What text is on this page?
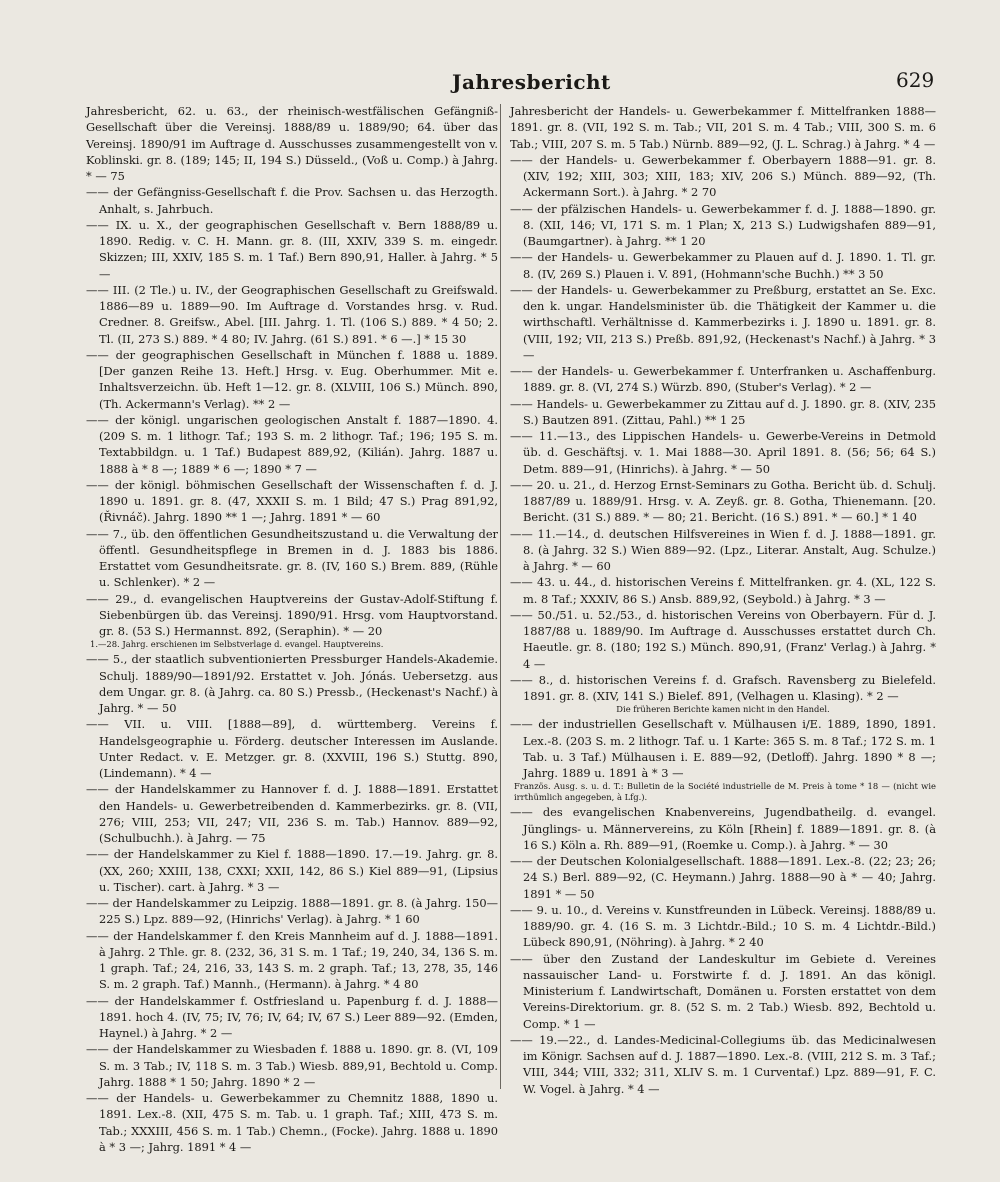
Jahresbericht	629

Jahresbericht, 62. u. 63., der rheinisch-westfälischen Gefängniß-Gesellschaft über die Vereinsj. 1888/89 u. 1889/90; 64. über das Vereinsj. 1890/91 im Auftrage d. Ausschusses zusammengestellt von v. Koblinski. gr. 8. (189; 145; II, 194 S.) Düsseld., (Voß u. Comp.) à Jahrg. * — 75

—— der Gefängniss-Gesellschaft f. die Prov. Sachsen u. das Herzogth. Anhalt, s. Jahrbuch.

—— IX. u. X., der geographischen Gesellschaft v. Bern 1888/89 u. 1890. Redig. v. C. H. Mann. gr. 8. (III, XXIV, 339 S. m. eingedr. Skizzen; III, XXIV, 185 S. m. 1 Taf.) Bern 890,91, Haller. à Jahrg. * 5 —

—— III. (2 Tle.) u. IV., der Geographischen Gesellschaft zu Greifswald. 1886—89 u. 1889—90. Im Auftrage d. Vorstandes hrsg. v. Rud. Credner. 8. Greifsw., Abel. [III. Jahrg. 1. Tl. (106 S.) 889. * 4 50; 2. Tl. (II, 273 S.) 889. * 4 80; IV. Jahrg. (61 S.) 891. * 6 —.] * 15 30

—— der geographischen Gesellschaft in München f. 1888 u. 1889. [Der ganzen Reihe 13. Heft.] Hrsg. v. Eug. Oberhummer. Mit e. Inhaltsverzeichn. üb. Heft 1—12. gr. 8. (XLVIII, 106 S.) Münch. 890, (Th. Ackermann's Verlag). ** 2 —

—— der königl. ungarischen geologischen Anstalt f. 1887—1890. 4. (209 S. m. 1 lithogr. Taf.; 193 S. m. 2 lithogr. Taf.; 196; 195 S. m. Textabbildgn. u. 1 Taf.) Budapest 889,92, (Kilián). Jahrg. 1887 u. 1888 à * 8 —; 1889 * 6 —; 1890 * 7 —

—— der königl. böhmischen Gesellschaft der Wissenschaften f. d. J. 1890 u. 1891. gr. 8. (47, XXXII S. m. 1 Bild; 47 S.) Prag 891,92, (Řivnáč). Jahrg. 1890 ** 1 —; Jahrg. 1891 * — 60

—— 7., üb. den öffentlichen Gesundheitszustand u. die Verwaltung der öffentl. Gesundheitspflege in Bremen in d. J. 1883 bis 1886. Erstattet vom Gesundheitsrate. gr. 8. (IV, 160 S.) Brem. 889, (Rühle u. Schlenker). * 2 —

—— 29., d. evangelischen Hauptvereins der Gustav-Adolf-Stiftung f. Siebenbürgen üb. das Vereinsj. 1890/91. Hrsg. vom Hauptvorstand. gr. 8. (53 S.) Hermannst. 892, (Seraphin). * — 20

1.—28. Jahrg. erschienen im Selbstverlage d. evangel. Hauptvereins.

—— 5., der staatlich subventionierten Pressburger Handels-Akademie. Schulj. 1889/90—1891/92. Erstattet v. Joh. Jónás. Uebersetzg. aus dem Ungar. gr. 8. (à Jahrg. ca. 80 S.) Pressb., (Heckenast's Nachf.) à Jahrg. * — 50

—— VII. u. VIII. [1888—89], d. württemberg. Vereins f. Handelsgeographie u. Förderg. deutscher Interessen im Auslande. Unter Redact. v. E. Metzger. gr. 8. (XXVIII, 196 S.) Stuttg. 890, (Lindemann). * 4 —

—— der Handelskammer zu Hannover f. d. J. 1888—1891. Erstattet den Handels- u. Gewerbetreibenden d. Kammerbezirks. gr. 8. (VII, 276; VIII, 253; VII, 247; VII, 236 S. m. Tab.) Hannov. 889—92, (Schulbuchh.). à Jahrg. — 75

—— der Handelskammer zu Kiel f. 1888—1890. 17.—19. Jahrg. gr. 8. (XX, 260; XXIII, 138, CXXI; XXII, 142, 86 S.) Kiel 889—91, (Lipsius u. Tischer). cart. à Jahrg. * 3 —

—— der Handelskammer zu Leipzig. 1888—1891. gr. 8. (à Jahrg. 150—225 S.) Lpz. 889—92, (Hinrichs' Verlag). à Jahrg. * 1 60

—— der Handelskammer f. den Kreis Mannheim auf d. J. 1888—1891. à Jahrg. 2 Thle. gr. 8. (232, 36, 31 S. m. 1 Taf.; 19, 240, 34, 136 S. m. 1 graph. Taf.; 24, 216, 33, 143 S. m. 2 graph. Taf.; 13, 278, 35, 146 S. m. 2 graph. Taf.) Mannh., (Hermann). à Jahrg. * 4 80

—— der Handelskammer f. Ostfriesland u. Papenburg f. d. J. 1888—1891. hoch 4. (IV, 75; IV, 76; IV, 64; IV, 67 S.) Leer 889—92. (Emden, Haynel.) à Jahrg. * 2 —

—— der Handelskammer zu Wiesbaden f. 1888 u. 1890. gr. 8. (VI, 109 S. m. 3 Tab.; IV, 118 S. m. 3 Tab.) Wiesb. 889,91, Bechtold u. Comp. Jahrg. 1888 * 1 50; Jahrg. 1890 * 2 —

—— der Handels- u. Gewerbekammer zu Chemnitz 1888, 1890 u. 1891. Lex.-8. (XII, 475 S. m. Tab. u. 1 graph. Taf.; XIII, 473 S. m. Tab.; XXXIII, 456 S. m. 1 Tab.) Chemn., (Focke). Jahrg. 1888 u. 1890 à * 3 —; Jahrg. 1891 * 4 —

Jahresbericht der Handels- u. Gewerbekammer f. Mittelfranken 1888—1891. gr. 8. (VII, 192 S. m. Tab.; VII, 201 S. m. 4 Tab.; VIII, 300 S. m. 6 Tab.; VIII, 207 S. m. 5 Tab.) Nürnb. 889—92, (J. L. Schrag.) à Jahrg. * 4 —

—— der Handels- u. Gewerbekammer f. Oberbayern 1888—91. gr. 8. (XIV, 192; XIII, 303; XIII, 183; XIV, 206 S.) Münch. 889—92, (Th. Ackermann Sort.). à Jahrg. * 2 70

—— der pfälzischen Handels- u. Gewerbekammer f. d. J. 1888—1890. gr. 8. (XII, 146; VI, 171 S. m. 1 Plan; X, 213 S.) Ludwigshafen 889—91, (Baumgartner). à Jahrg. ** 1 20

—— der Handels- u. Gewerbekammer zu Plauen auf d. J. 1890. 1. Tl. gr. 8. (IV, 269 S.) Plauen i. V. 891, (Hohmann'sche Buchh.) ** 3 50

—— der Handels- u. Gewerbekammer zu Preßburg, erstattet an Se. Exc. den k. ungar. Handelsminister üb. die Thätigkeit der Kammer u. die wirthschaftl. Verhältnisse d. Kammerbezirks i. J. 1890 u. 1891. gr. 8. (VIII, 192; VII, 213 S.) Preßb. 891,92, (Heckenast's Nachf.) à Jahrg. * 3 —

—— der Handels- u. Gewerbekammer f. Unterfranken u. Aschaffenburg. 1889. gr. 8. (VI, 274 S.) Würzb. 890, (Stuber's Verlag). * 2 —

—— Handels- u. Gewerbekammer zu Zittau auf d. J. 1890. gr. 8. (XIV, 235 S.) Bautzen 891. (Zittau, Pahl.) ** 1 25

—— 11.—13., des Lippischen Handels- u. Gewerbe-Vereins in Detmold üb. d. Geschäftsj. v. 1. Mai 1888—30. April 1891. 8. (56; 56; 64 S.) Detm. 889—91, (Hinrichs). à Jahrg. * — 50

—— 20. u. 21., d. Herzog Ernst-Seminars zu Gotha. Bericht üb. d. Schulj. 1887/89 u. 1889/91. Hrsg. v. A. Zeyß. gr. 8. Gotha, Thienemann. [20. Bericht. (31 S.) 889. * — 80; 21. Bericht. (16 S.) 891. * — 60.] * 1 40

—— 11.—14., d. deutschen Hilfsvereines in Wien f. d. J. 1888—1891. gr. 8. (à Jahrg. 32 S.) Wien 889—92. (Lpz., Literar. Anstalt, Aug. Schulze.) à Jahrg. * — 60

—— 43. u. 44., d. historischen Vereins f. Mittelfranken. gr. 4. (XL, 122 S. m. 8 Taf.; XXXIV, 86 S.) Ansb. 889,92, (Seybold.) à Jahrg. * 3 —

—— 50./51. u. 52./53., d. historischen Vereins von Oberbayern. Für d. J. 1887/88 u. 1889/90. Im Auftrage d. Ausschusses erstattet durch Ch. Haeutle. gr. 8. (180; 192 S.) Münch. 890,91, (Franz' Verlag.) à Jahrg. * 4 —

—— 8., d. historischen Vereins f. d. Grafsch. Ravensberg zu Bielefeld. 1891. gr. 8. (XIV, 141 S.) Bielef. 891, (Velhagen u. Klasing). * 2 —

Die früheren Berichte kamen nicht in den Handel.

—— der industriellen Gesellschaft v. Mülhausen i/E. 1889, 1890, 1891. Lex.-8. (203 S. m. 2 lithogr. Taf. u. 1 Karte: 365 S. m. 8 Taf.; 172 S. m. 1 Tab. u. 3 Taf.) Mülhausen i. E. 889—92, (Detloff). Jahrg. 1890 * 8 —; Jahrg. 1889 u. 1891 à * 3 —

Französ. Ausg. s. u. d. T.: Bulletin de la Société industrielle de M. Preis à tome * 18 — (nicht wie irrthümlich angegeben, à Lfg.).

—— des evangelischen Knabenvereins, Jugendbatheilg. d. evangel. Jünglings- u. Männervereins, zu Köln [Rhein] f. 1889—1891. gr. 8. (à 16 S.) Köln a. Rh. 889—91, (Roemke u. Comp.). à Jahrg. * — 30

—— der Deutschen Kolonialgesellschaft. 1888—1891. Lex.-8. (22; 23; 26; 24 S.) Berl. 889—92, (C. Heymann.) Jahrg. 1888—90 à * — 40; Jahrg. 1891 * — 50

—— 9. u. 10., d. Vereins v. Kunstfreunden in Lübeck. Vereinsj. 1888/89 u. 1889/90. gr. 4. (16 S. m. 3 Lichtdr.-Bild.; 10 S. m. 4 Lichtdr.-Bild.) Lübeck 890,91, (Nöhring). à Jahrg. * 2 40

—— über den Zustand der Landeskultur im Gebiete d. Vereines nassauischer Land- u. Forstwirte f. d. J. 1891. An das königl. Ministerium f. Landwirtschaft, Domänen u. Forsten erstattet von dem Vereins-Direktorium. gr. 8. (52 S. m. 2 Tab.) Wiesb. 892, Bechtold u. Comp. * 1 —

—— 19.—22., d. Landes-Medicinal-Collegiums üb. das Medicinalwesen im Königr. Sachsen auf d. J. 1887—1890. Lex.-8. (VIII, 212 S. m. 3 Taf.; VIII, 344; VIII, 332; 311, XLIV S. m. 1 Curventaf.) Lpz. 889—91, F. C. W. Vogel. à Jahrg. * 4 —
